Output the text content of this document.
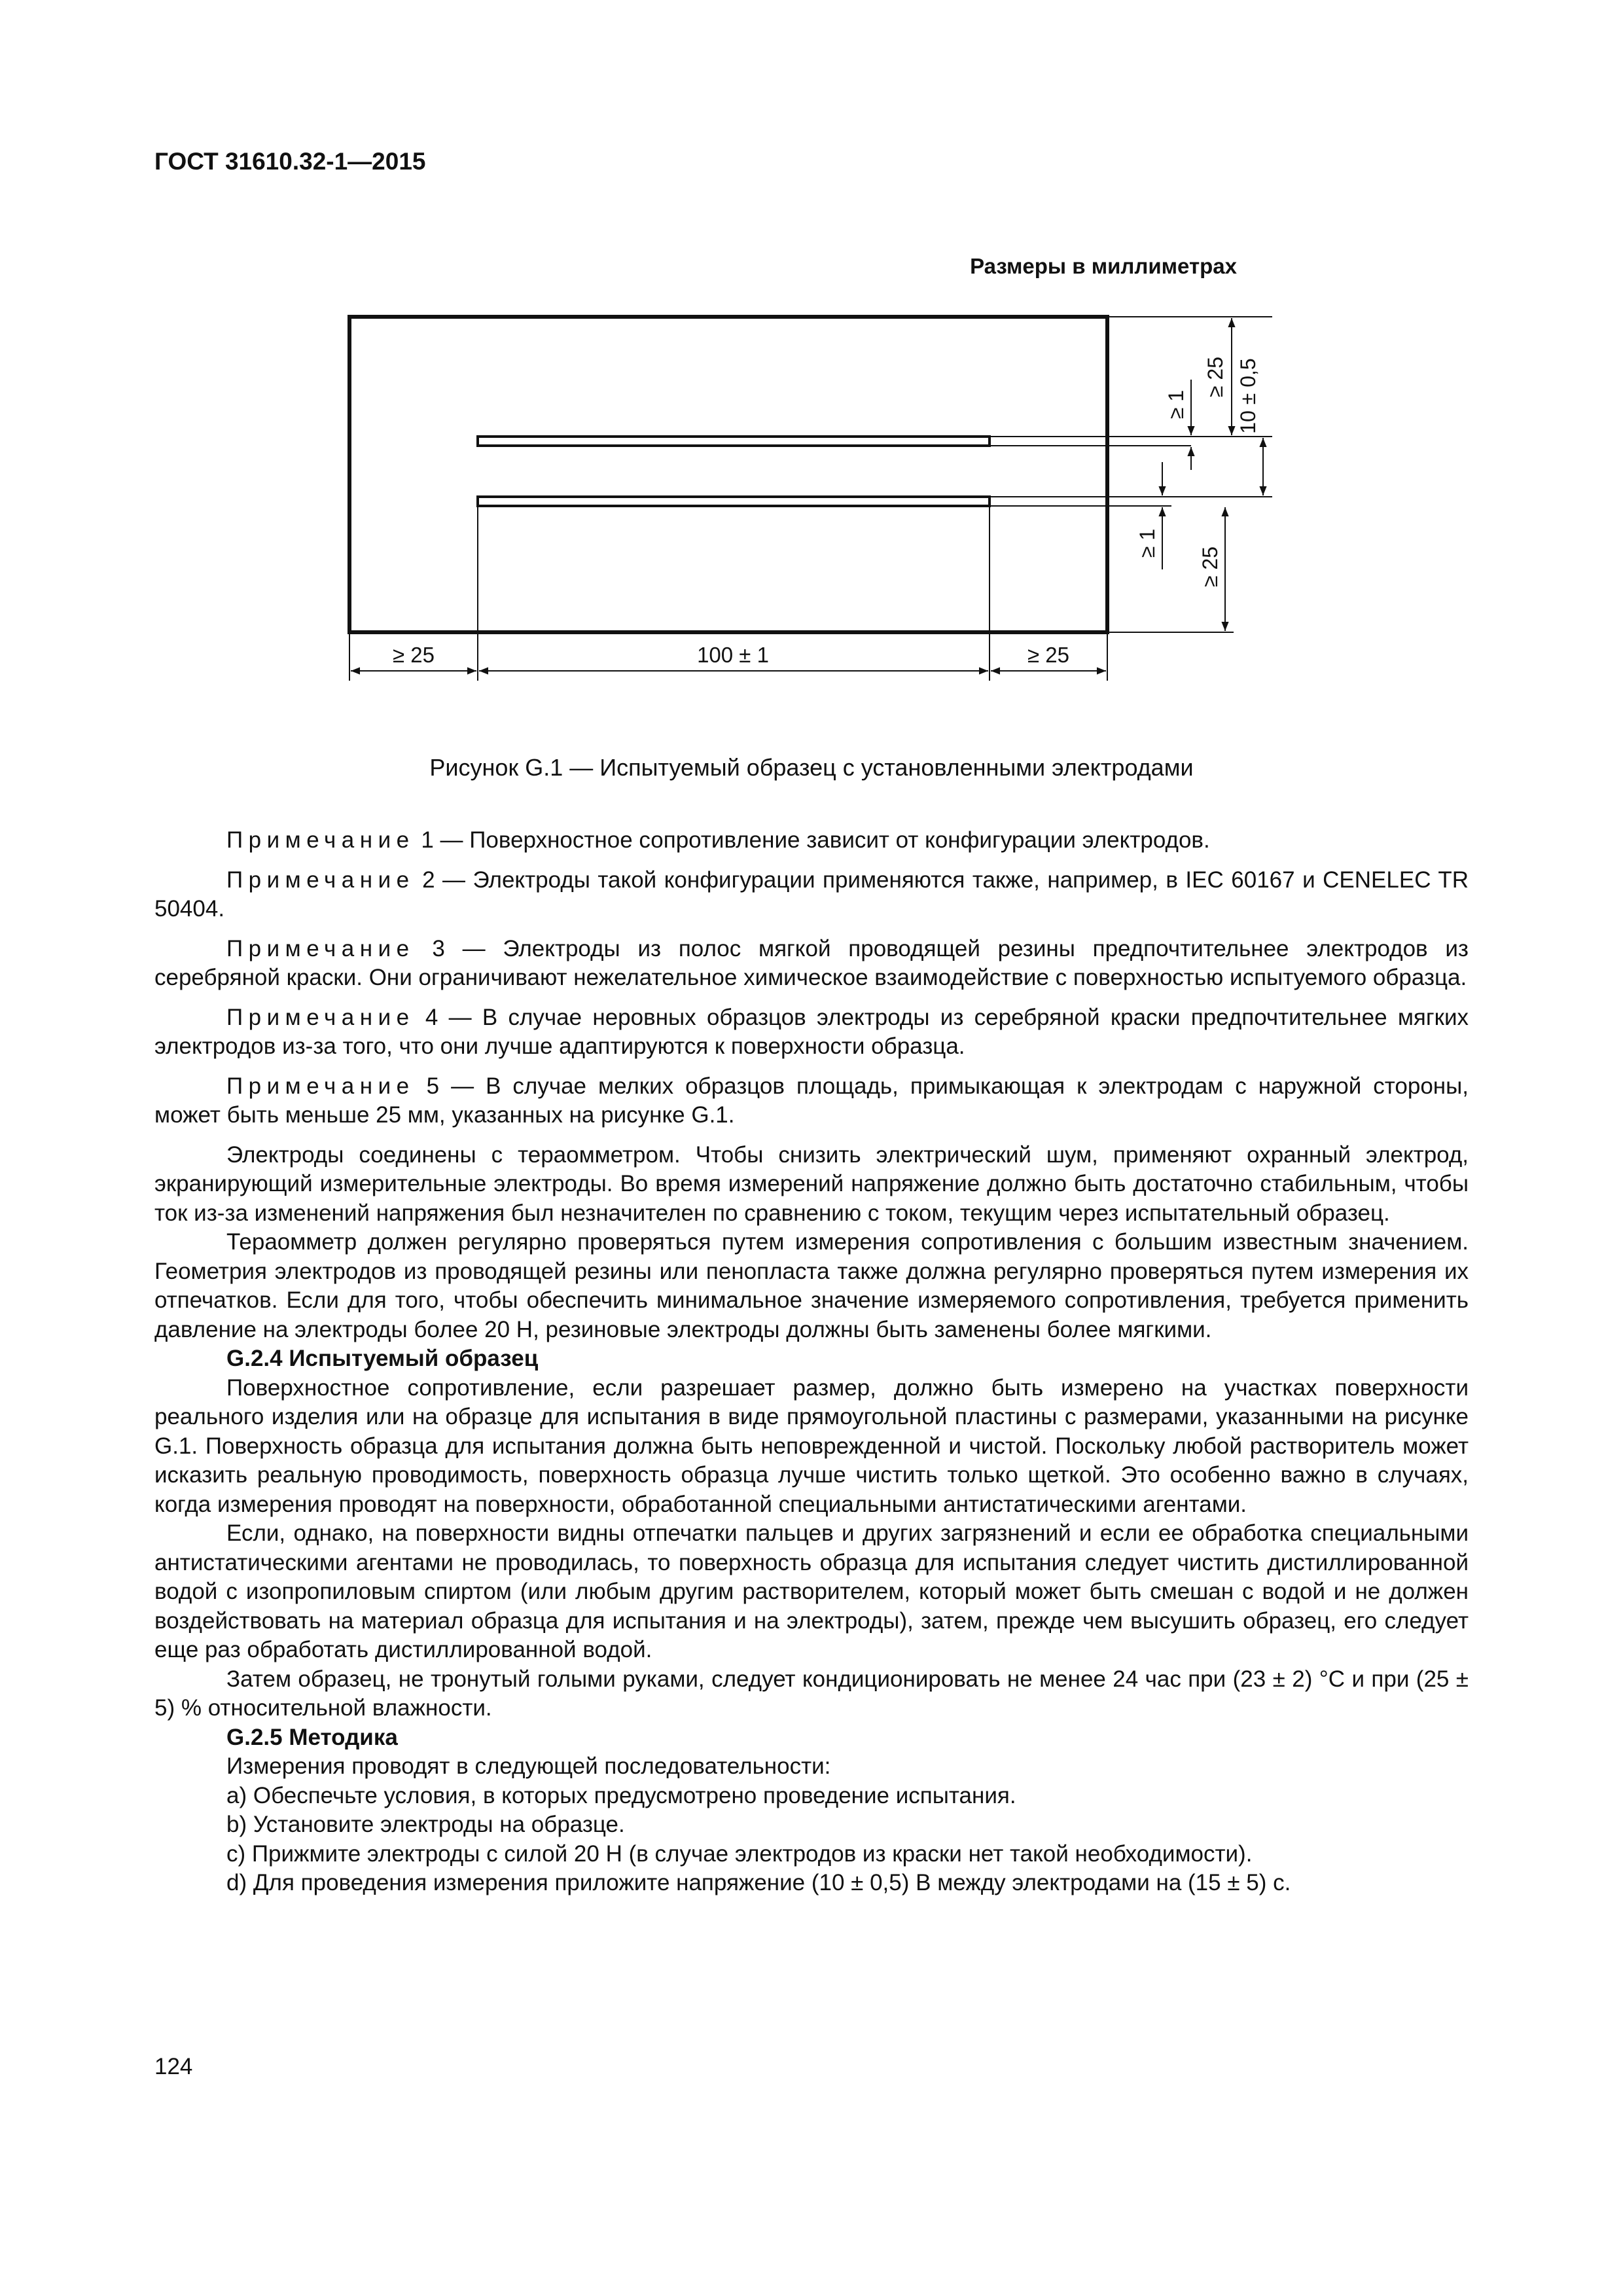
ГОСТ 31610.32-1—2015
Размеры в миллиметрах
≥ 25	100 ± 1	≥ 25
≥ 25 10 ± 0,5
≥ 1
≥ 1
≥ 25
Рисунок G.1 — Испытуемый образец с установленными электродами

Примечание 1 — Поверхностное сопротивление зависит от конфигурации электродов.

Примечание 2 — Электроды такой конфигурации применяются также, например, в IEC 60167 и CENELEC TR 50404.

Примечание 3 — Электроды из полос мягкой проводящей резины предпочтительнее электродов из серебряной краски. Они ограничивают нежелательное химическое взаимодействие с поверхностью испытуемого образца.

Примечание 4 — В случае неровных образцов электроды из серебряной краски предпочтительнее мягких электродов из-за того, что они лучше адаптируются к поверхности образца.

Примечание 5 — В случае мелких образцов площадь, примыкающая к электродам с наружной стороны, может быть меньше 25 мм, указанных на рисунке G.1.

Электроды соединены с тераомметром. Чтобы снизить электрический шум, применяют охранный электрод, экранирующий измерительные электроды. Во время измерений напряжение должно быть достаточно стабильным, чтобы ток из-за изменений напряжения был незначителен по сравнению с током, текущим через испытательный образец.

Тераомметр должен регулярно проверяться путем измерения сопротивления с большим известным значением. Геометрия электродов из проводящей резины или пенопласта также должна регулярно проверяться путем измерения их отпечатков. Если для того, чтобы обеспечить минимальное значение измеряемого сопротивления, требуется применить давление на электроды более 20 Н, резиновые электроды должны быть заменены более мягкими.

G.2.4 Испытуемый образец

Поверхностное сопротивление, если разрешает размер, должно быть измерено на участках поверхности реального изделия или на образце для испытания в виде прямоугольной пластины с размерами, указанными на рисунке G.1. Поверхность образца для испытания должна быть неповрежденной и чистой. Поскольку любой растворитель может исказить реальную проводимость, поверхность образца лучше чистить только щеткой. Это особенно важно в случаях, когда измерения проводят на поверхности, обработанной специальными антистатическими агентами.

Если, однако, на поверхности видны отпечатки пальцев и других загрязнений и если ее обработка специальными антистатическими агентами не проводилась, то поверхность образца для испытания следует чистить дистиллированной водой с изопропиловым спиртом (или любым другим растворителем, который может быть смешан с водой и не должен воздействовать на материал образца для испытания и на электроды), затем, прежде чем высушить образец, его следует еще раз обработать дистиллированной водой.

Затем образец, не тронутый голыми руками, следует кондиционировать не менее 24 час при (23 ± 2) °С и при (25 ± 5) % относительной влажности.

G.2.5 Методика

Измерения проводят в следующей последовательности:

a) Обеспечьте условия, в которых предусмотрено проведение испытания.

b) Установите электроды на образце.

c) Прижмите электроды с силой 20 Н (в случае электродов из краски нет такой необходимости).

d) Для проведения измерения приложите напряжение (10 ± 0,5) В между электродами на (15 ± 5) с.

124
